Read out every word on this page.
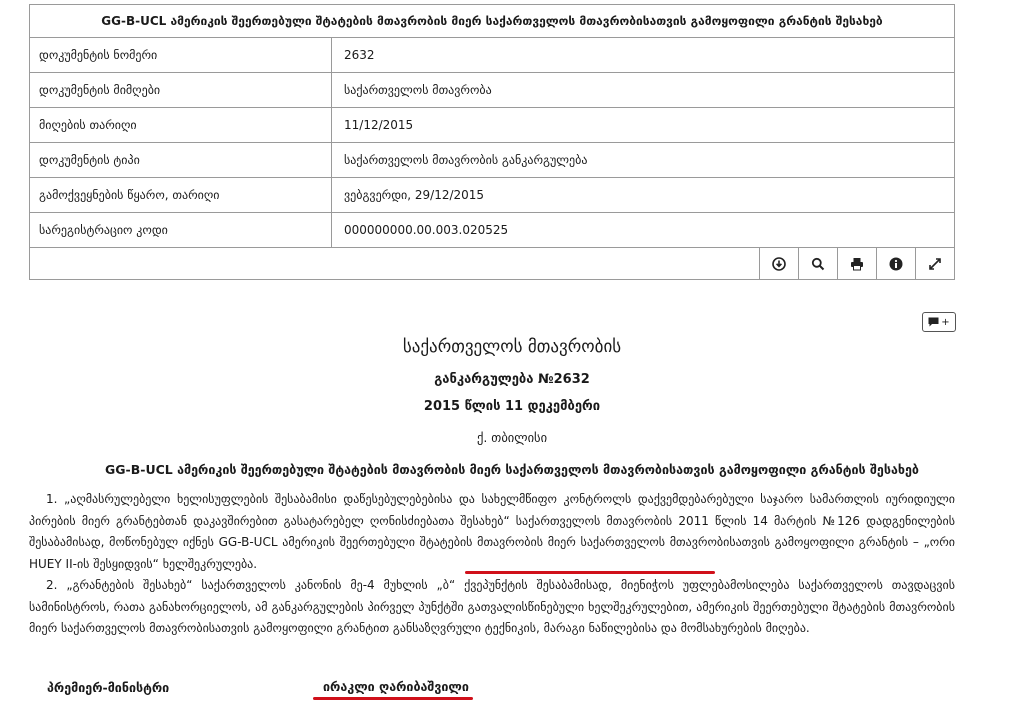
GG-B-UCL ამერიკის შეერთებული შტატების მთავრობის მიერ საქართველოს მთავრობისათვის გამოყოფილი გრანტის შესახებ	
დოკუმენტის ნომერი	2632
დოკუმენტის მიმღები	საქართველოს მთავრობა
მიღების თარიღი	11/12/2015
დოკუმენტის ტიპი	საქართველოს მთავრობის განკარგულება
გამოქვეყნების წყარო, თარიღი	ვებგვერდი, 29/12/2015
სარეგისტრაციო კოდი	000000000.00.003.020525

+
საქართველოს მთავრობის
განკარგულება №2632
2015 წლის 11 დეკემბერი
ქ. თბილისი
GG-B-UCL ამერიკის შეერთებული შტატების მთავრობის მიერ საქართველოს მთავრობისათვის გამოყოფილი გრანტის შესახებ

1. „აღმასრულებელი ხელისუფლების შესაბამისი დაწესებულებებისა და სახელმწიფო კონტროლს დაქვემდებარებული საჯარო სამართლის იურიდიული პირების მიერ გრანტებთან დაკავშირებით გასატარებელ ღონისძიებათა შესახებ“ საქართველოს მთავრობის 2011 წლის 14 მარტის №126 დადგენილების შესაბამისად, მოწონებულ იქნეს GG-B-UCL ამერიკის შეერთებული შტატების მთავრობის მიერ საქართველოს მთავრობისათვის გამოყოფილი გრანტის – „ორი HUEY II-ის შესყიდვის“ ხელშეკრულება.

2. „გრანტების შესახებ“ საქართველოს კანონის მე-4 მუხლის „ბ“ ქვეპუნქტის შესაბამისად, მიენიჭოს უფლებამოსილება საქართველოს თავდაცვის სამინისტროს, რათა განახორციელოს, ამ განკარგულების პირველ პუნქტში გათვალისწინებული ხელშეკრულებით, ამერიკის შეერთებული შტატების მთავრობის მიერ საქართველოს მთავრობისათვის გამოყოფილი გრანტით განსაზღვრული ტექნიკის, მარაგი ნაწილებისა და მომსახურების მიღება.

პრემიერ-მინისტრი	ირაკლი ღარიბაშვილი
